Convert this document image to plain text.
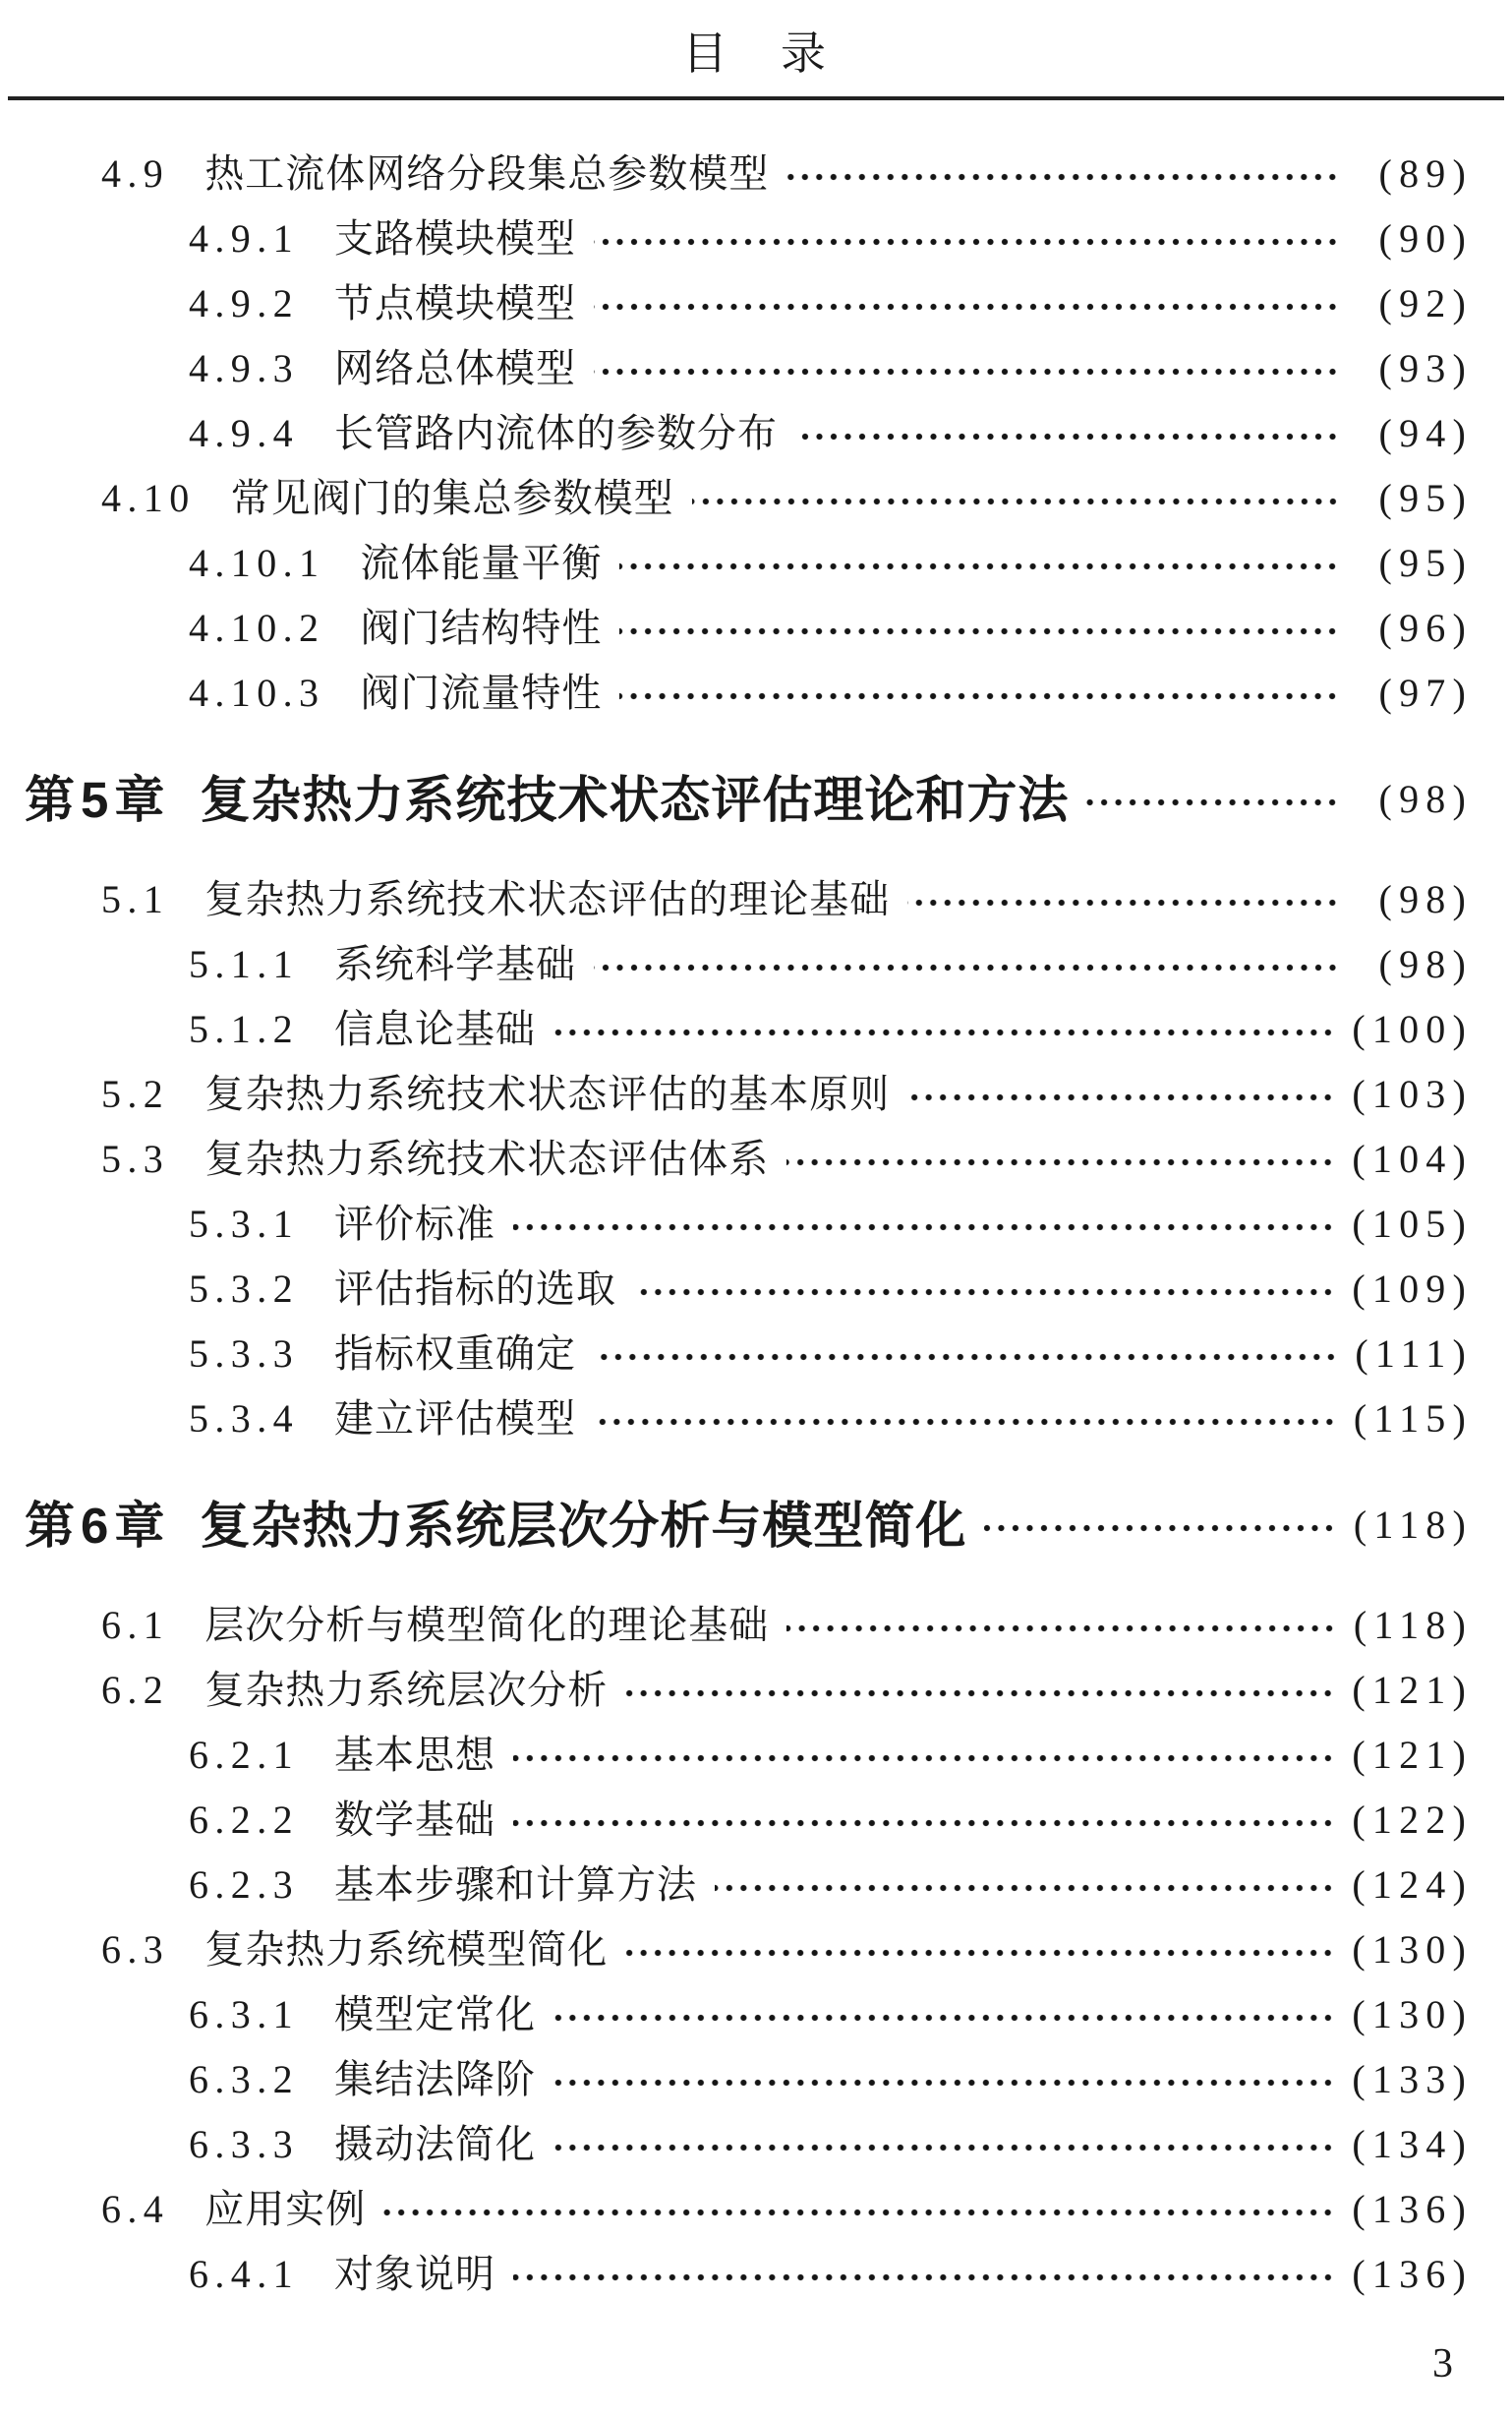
目　录
4.9 热工流体网络分段集总参数模型	(89)
4.9.1 支路模块模型	(90)
4.9.2 节点模块模型	(92)
4.9.3 网络总体模型	(93)
4.9.4 长管路内流体的参数分布	(94)
4.10 常见阀门的集总参数模型	(95)
4.10.1 流体能量平衡	(95)
4.10.2 阀门结构特性	(96)
4.10.3 阀门流量特性	(97)
第5章 复杂热力系统技术状态评估理论和方法	(98)
5.1 复杂热力系统技术状态评估的理论基础	(98)
5.1.1 系统科学基础	(98)
5.1.2 信息论基础	(100)
5.2 复杂热力系统技术状态评估的基本原则	(103)
5.3 复杂热力系统技术状态评估体系	(104)
5.3.1 评价标准	(105)
5.3.2 评估指标的选取	(109)
5.3.3 指标权重确定	(111)
5.3.4 建立评估模型	(115)
第6章 复杂热力系统层次分析与模型简化	(118)
6.1 层次分析与模型简化的理论基础	(118)
6.2 复杂热力系统层次分析	(121)
6.2.1 基本思想	(121)
6.2.2 数学基础	(122)
6.2.3 基本步骤和计算方法	(124)
6.3 复杂热力系统模型简化	(130)
6.3.1 模型定常化	(130)
6.3.2 集结法降阶	(133)
6.3.3 摄动法简化	(134)
6.4 应用实例	(136)
6.4.1 对象说明	(136)
3
